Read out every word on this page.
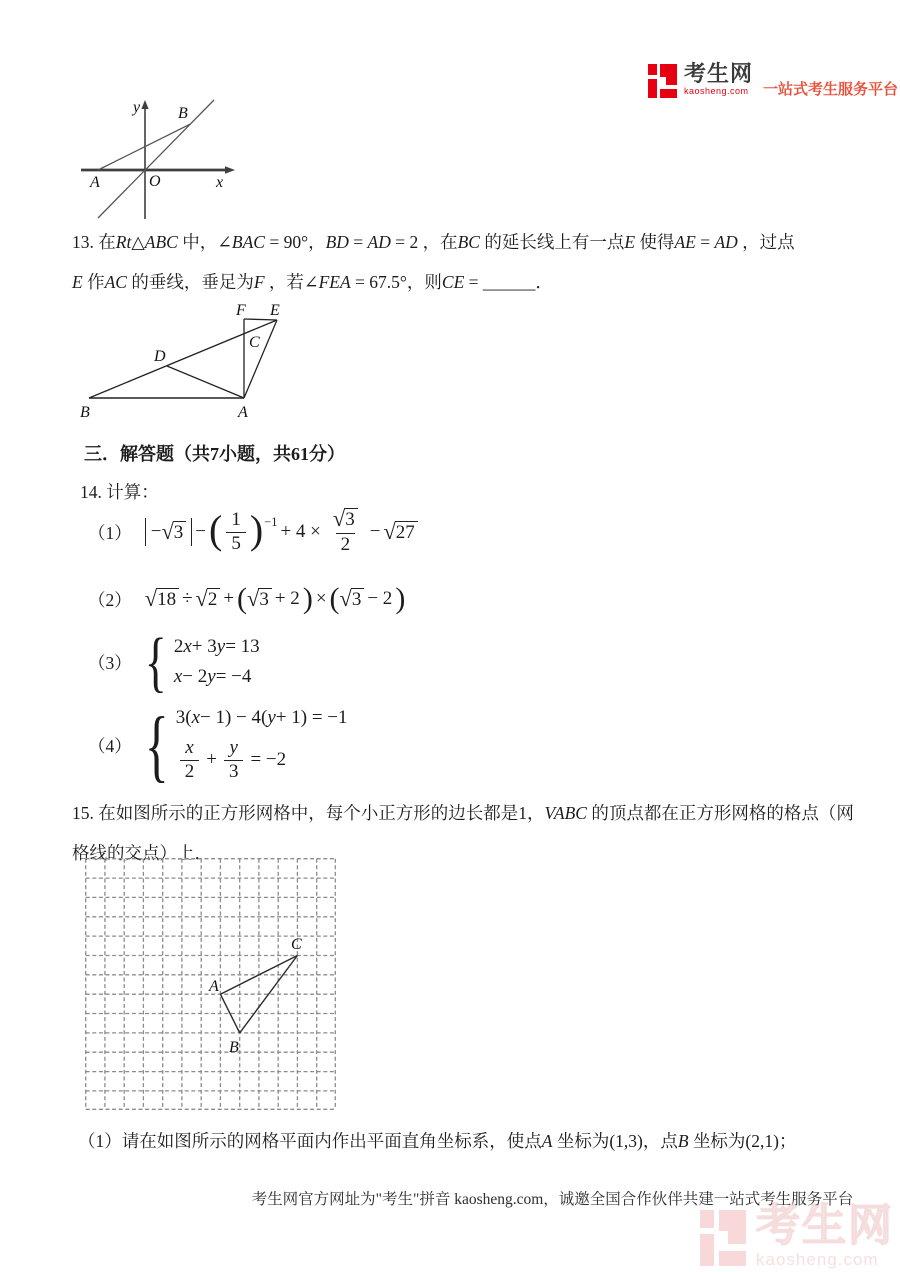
考生网
kaosheng.com 一站式考生服务平台
y B
A	O	x
13. 在Rt△ABC 中，∠BAC = 90°，BD = AD = 2 ，在BC 的延长线上有一点E 使得AE = AD ，过点
E 作AC 的垂线，垂足为F ，若∠FEA = 67.5°，则CE = ______．
F E
C
D
B	A
三．解答题（共7小题，共61分）
14. 计算：
（1） − √ 3 − ( $\frac{1}{5}$ ) $-1 + 4 \times \frac{√ 3}{2}$ − √ 27
（2） √ 18 ÷ √ 2 + ( √ 3 + 2 ) × ( √ 3 − 2 )
（3） { 2 x + 3 y = 13
x − 2 y = −4
（4） { 3( x − 1) − 4( y + 1) = −1
$\frac{x}{2} + \frac{y}{3} = -2$
15. 在如图所示的正方形网格中，每个小正方形的边长都是1，VABC 的顶点都在正方形网格的格点（网
格线的交点）上．
A
B
C
（1）请在如图所示的网格平面内作出平面直角坐标系，使点A 坐标为(1,3)，点B 坐标为(2,1)；
考生网官方网址为"考生"拼音 kaosheng.com，诚邀全国合作伙伴共建一站式考生服务平台
考生网
kaosheng.com
